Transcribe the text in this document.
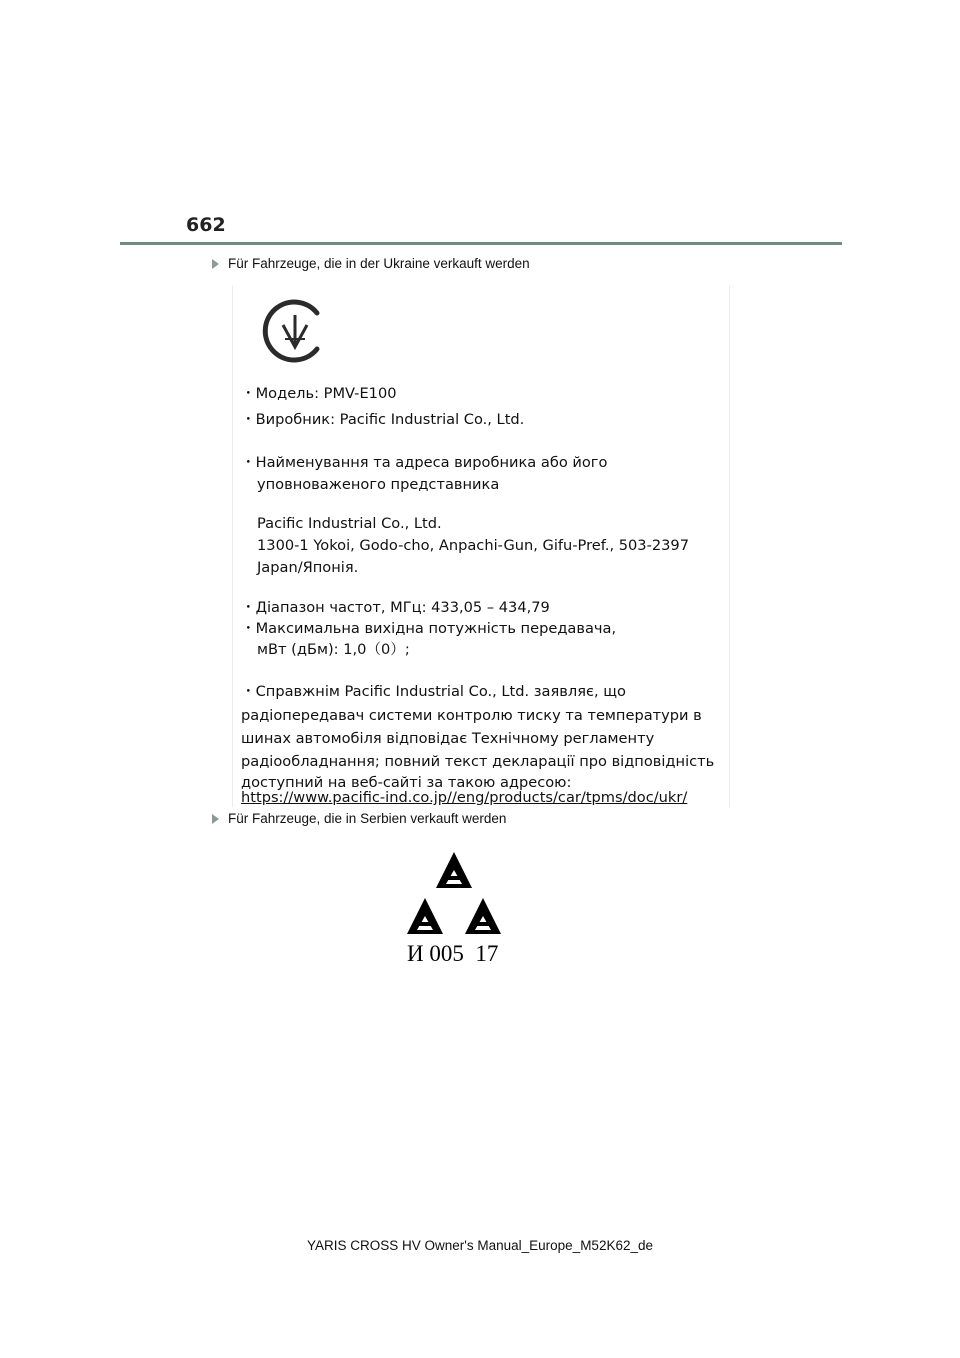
662
Für Fahrzeuge, die in der Ukraine verkauft werden
・Модель: PMV-E100
・Виробник: Pacific Industrial Co., Ltd.
・Найменування та адреса виробника або його
уповноваженого представника
Pacific Industrial Co., Ltd.
1300-1 Yokoi, Godo-cho, Anpachi-Gun, Gifu-Pref., 503-2397
Japan/Японія.
・Діапазон частот, МГц: 433,05 – 434,79
・Максимальна вихідна потужність передавача,
мВт (дБм): 1,0（0）;
・Справжнім Pacific Industrial Co., Ltd. заявляє, що
радіопередавач системи контролю тиску та температури в
шинах автомобіля відповідає Технічному регламенту
радіообладнання; повний текст декларації про відповідність
доступний на веб-сайті за такою адресою:
https://www.pacific-ind.co.jp//eng/products/car/tpms/doc/ukr/
Für Fahrzeuge, die in Serbien verkauft werden
И 005  17
YARIS CROSS HV Owner's Manual_Europe_M52K62_de
